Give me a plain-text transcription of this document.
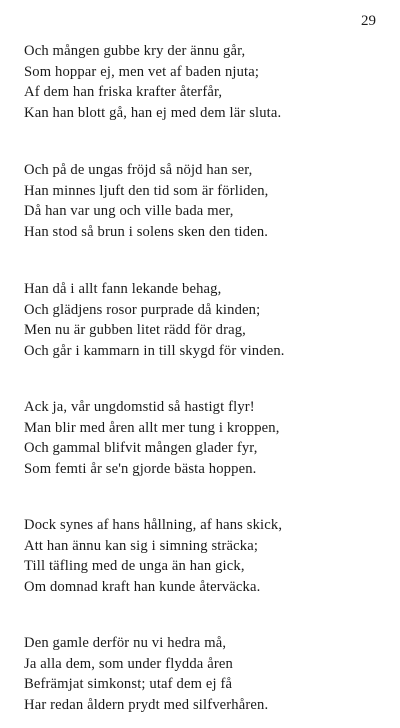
29
Och mången gubbe kry der ännu går,
Som hoppar ej, men vet af baden njuta;
Af dem han friska krafter återfår,
Kan han blott gå, han ej med dem lär sluta.
Och på de ungas fröjd så nöjd han ser,
Han minnes ljuft den tid som är förliden,
Då han var ung och ville bada mer,
Han stod så brun i solens sken den tiden.
Han då i allt fann lekande behag,
Och glädjens rosor purprade då kinden;
Men nu är gubben litet rädd för drag,
Och går i kammarn in till skygd för vinden.
Ack ja, vår ungdomstid så hastigt flyr!
Man blir med åren allt mer tung i kroppen,
Och gammal blifvit mången glader fyr,
Som femti år se'n gjorde bästa hoppen.
Dock synes af hans hållning, af hans skick,
Att han ännu kan sig i simning sträcka;
Till täfling med de unga än han gick,
Om domnad kraft han kunde återväcka.
Den gamle derför nu vi hedra må,
Ja alla dem, som under flydda åren
Befrämjat simkonst; utaf dem ej få
Har redan åldern prydt med silfverhåren.
